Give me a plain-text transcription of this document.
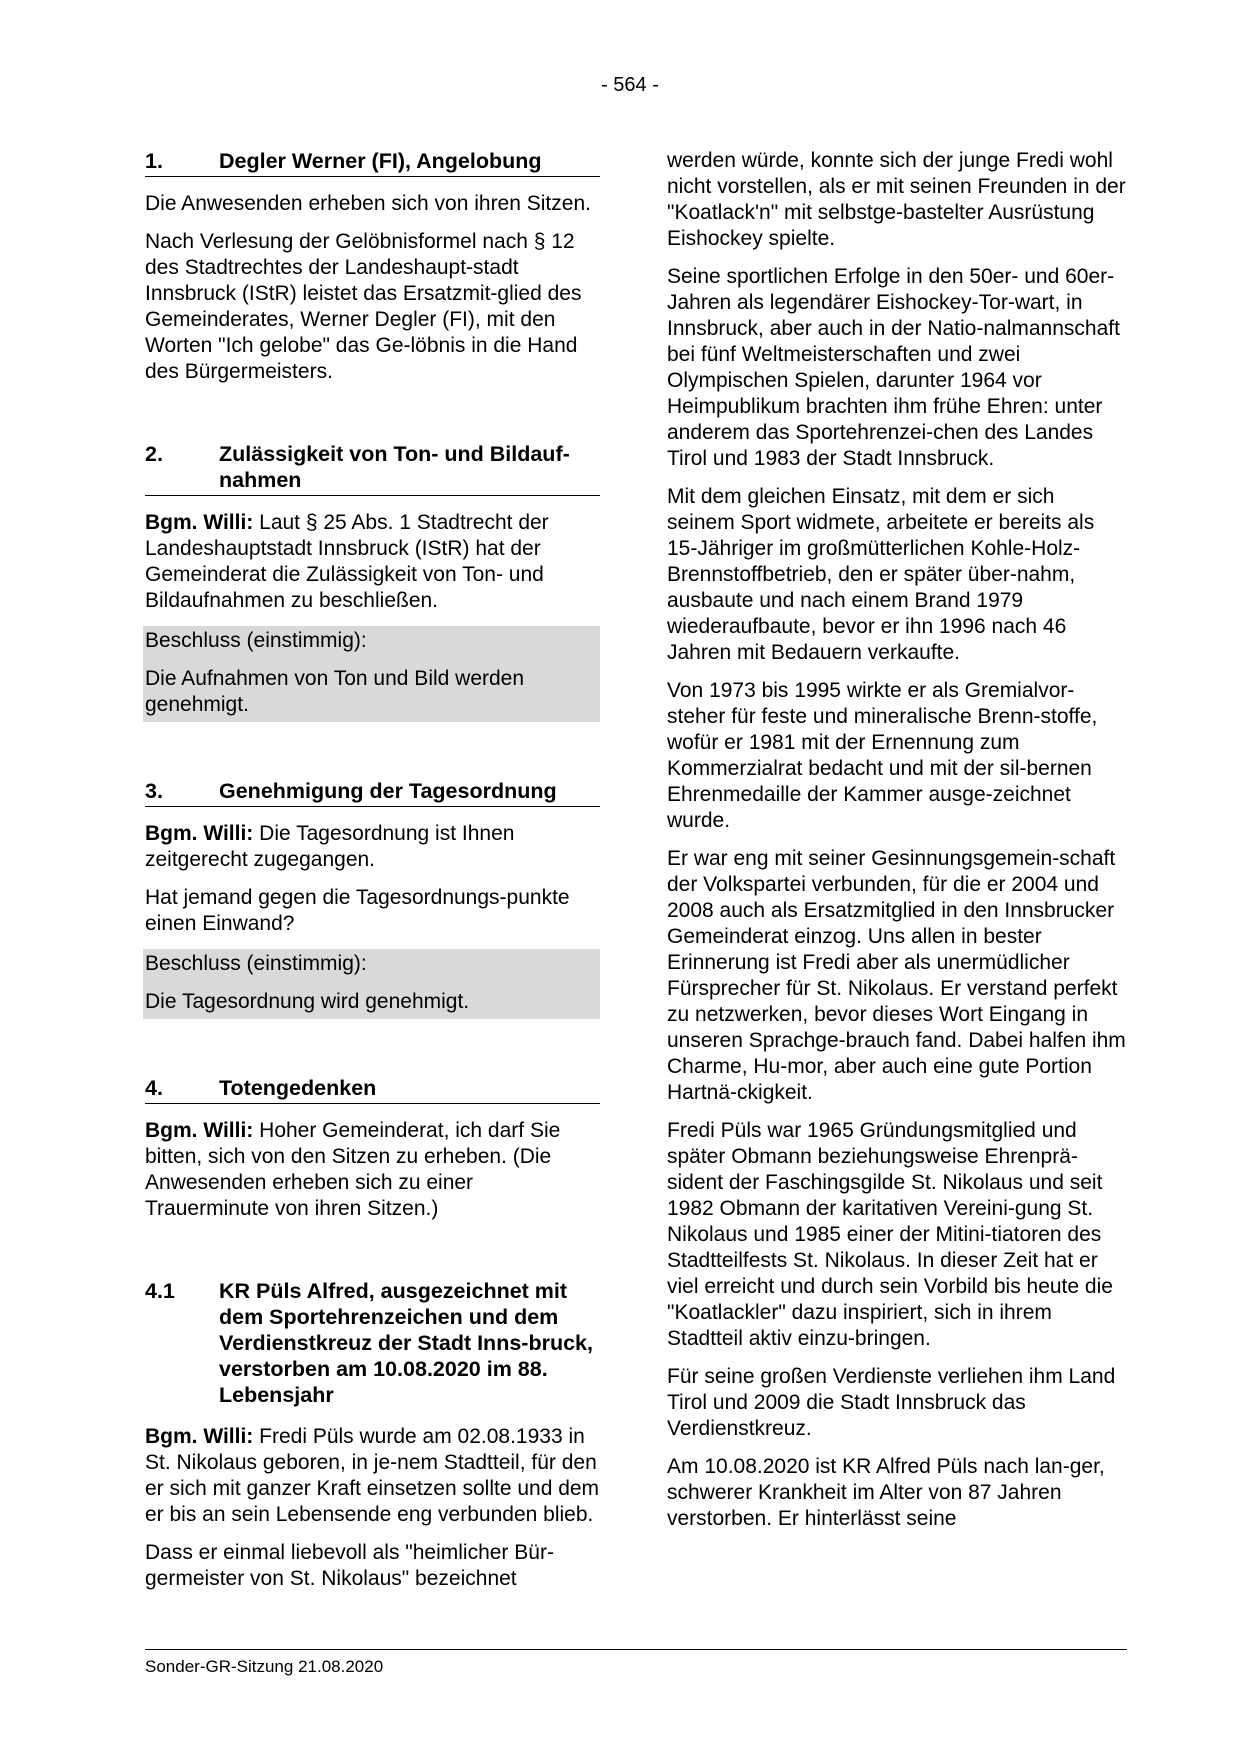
- 564 -
1.	Degler Werner (FI), Angelobung

Die Anwesenden erheben sich von ihren Sitzen.

Nach Verlesung der Gelöbnisformel nach § 12 des Stadtrechtes der Landeshaupt-stadt Innsbruck (IStR) leistet das Ersatzmit-glied des Gemeinderates, Werner Degler (FI), mit den Worten "Ich gelobe" das Ge-löbnis in die Hand des Bürgermeisters.

2.	Zulässigkeit von Ton- und Bildauf-nahmen

Bgm. Willi: Laut § 25 Abs. 1 Stadtrecht der Landeshauptstadt Innsbruck (IStR) hat der Gemeinderat die Zulässigkeit von Ton- und Bildaufnahmen zu beschließen.

Beschluss (einstimmig):

Die Aufnahmen von Ton und Bild werden genehmigt.

3.	Genehmigung der Tagesordnung

Bgm. Willi: Die Tagesordnung ist Ihnen zeitgerecht zugegangen.

Hat jemand gegen die Tagesordnungs-punkte einen Einwand?

Beschluss (einstimmig):

Die Tagesordnung wird genehmigt.

4.	Totengedenken

Bgm. Willi: Hoher Gemeinderat, ich darf Sie bitten, sich von den Sitzen zu erheben. (Die Anwesenden erheben sich zu einer Trauerminute von ihren Sitzen.)

4.1	KR Püls Alfred, ausgezeichnet mit dem Sportehrenzeichen und dem Verdienstkreuz der Stadt Inns-bruck, verstorben am 10.08.2020 im 88. Lebensjahr

Bgm. Willi: Fredi Püls wurde am 02.08.1933 in St. Nikolaus geboren, in je-nem Stadtteil, für den er sich mit ganzer Kraft einsetzen sollte und dem er bis an sein Lebensende eng verbunden blieb.

Dass er einmal liebevoll als "heimlicher Bür-germeister von St. Nikolaus" bezeichnet

werden würde, konnte sich der junge Fredi wohl nicht vorstellen, als er mit seinen Freunden in der "Koatlack'n" mit selbstge-bastelter Ausrüstung Eishockey spielte.

Seine sportlichen Erfolge in den 50er- und 60er-Jahren als legendärer Eishockey-Tor-wart, in Innsbruck, aber auch in der Natio-nalmannschaft bei fünf Weltmeisterschaften und zwei Olympischen Spielen, darunter 1964 vor Heimpublikum brachten ihm frühe Ehren: unter anderem das Sportehrenzei-chen des Landes Tirol und 1983 der Stadt Innsbruck.

Mit dem gleichen Einsatz, mit dem er sich seinem Sport widmete, arbeitete er bereits als 15-Jähriger im großmütterlichen Kohle-Holz-Brennstoffbetrieb, den er später über-nahm, ausbaute und nach einem Brand 1979 wiederaufbaute, bevor er ihn 1996 nach 46 Jahren mit Bedauern verkaufte.

Von 1973 bis 1995 wirkte er als Gremialvor-steher für feste und mineralische Brenn-stoffe, wofür er 1981 mit der Ernennung zum Kommerzialrat bedacht und mit der sil-bernen Ehrenmedaille der Kammer ausge-zeichnet wurde.

Er war eng mit seiner Gesinnungsgemein-schaft der Volkspartei verbunden, für die er 2004 und 2008 auch als Ersatzmitglied in den Innsbrucker Gemeinderat einzog. Uns allen in bester Erinnerung ist Fredi aber als unermüdlicher Fürsprecher für St. Nikolaus. Er verstand perfekt zu netzwerken, bevor dieses Wort Eingang in unseren Sprachge-brauch fand. Dabei halfen ihm Charme, Hu-mor, aber auch eine gute Portion Hartnä-ckigkeit.

Fredi Püls war 1965 Gründungsmitglied und später Obmann beziehungsweise Ehrenprä-sident der Faschingsgilde St. Nikolaus und seit 1982 Obmann der karitativen Vereini-gung St. Nikolaus und 1985 einer der Mitini-tiatoren des Stadtteilfests St. Nikolaus. In dieser Zeit hat er viel erreicht und durch sein Vorbild bis heute die "Koatlackler" dazu inspiriert, sich in ihrem Stadtteil aktiv einzu-bringen.

Für seine großen Verdienste verliehen ihm Land Tirol und 2009 die Stadt Innsbruck das Verdienstkreuz.

Am 10.08.2020 ist KR Alfred Püls nach lan-ger, schwerer Krankheit im Alter von 87 Jahren verstorben. Er hinterlässt seine

Sonder-GR-Sitzung 21.08.2020
